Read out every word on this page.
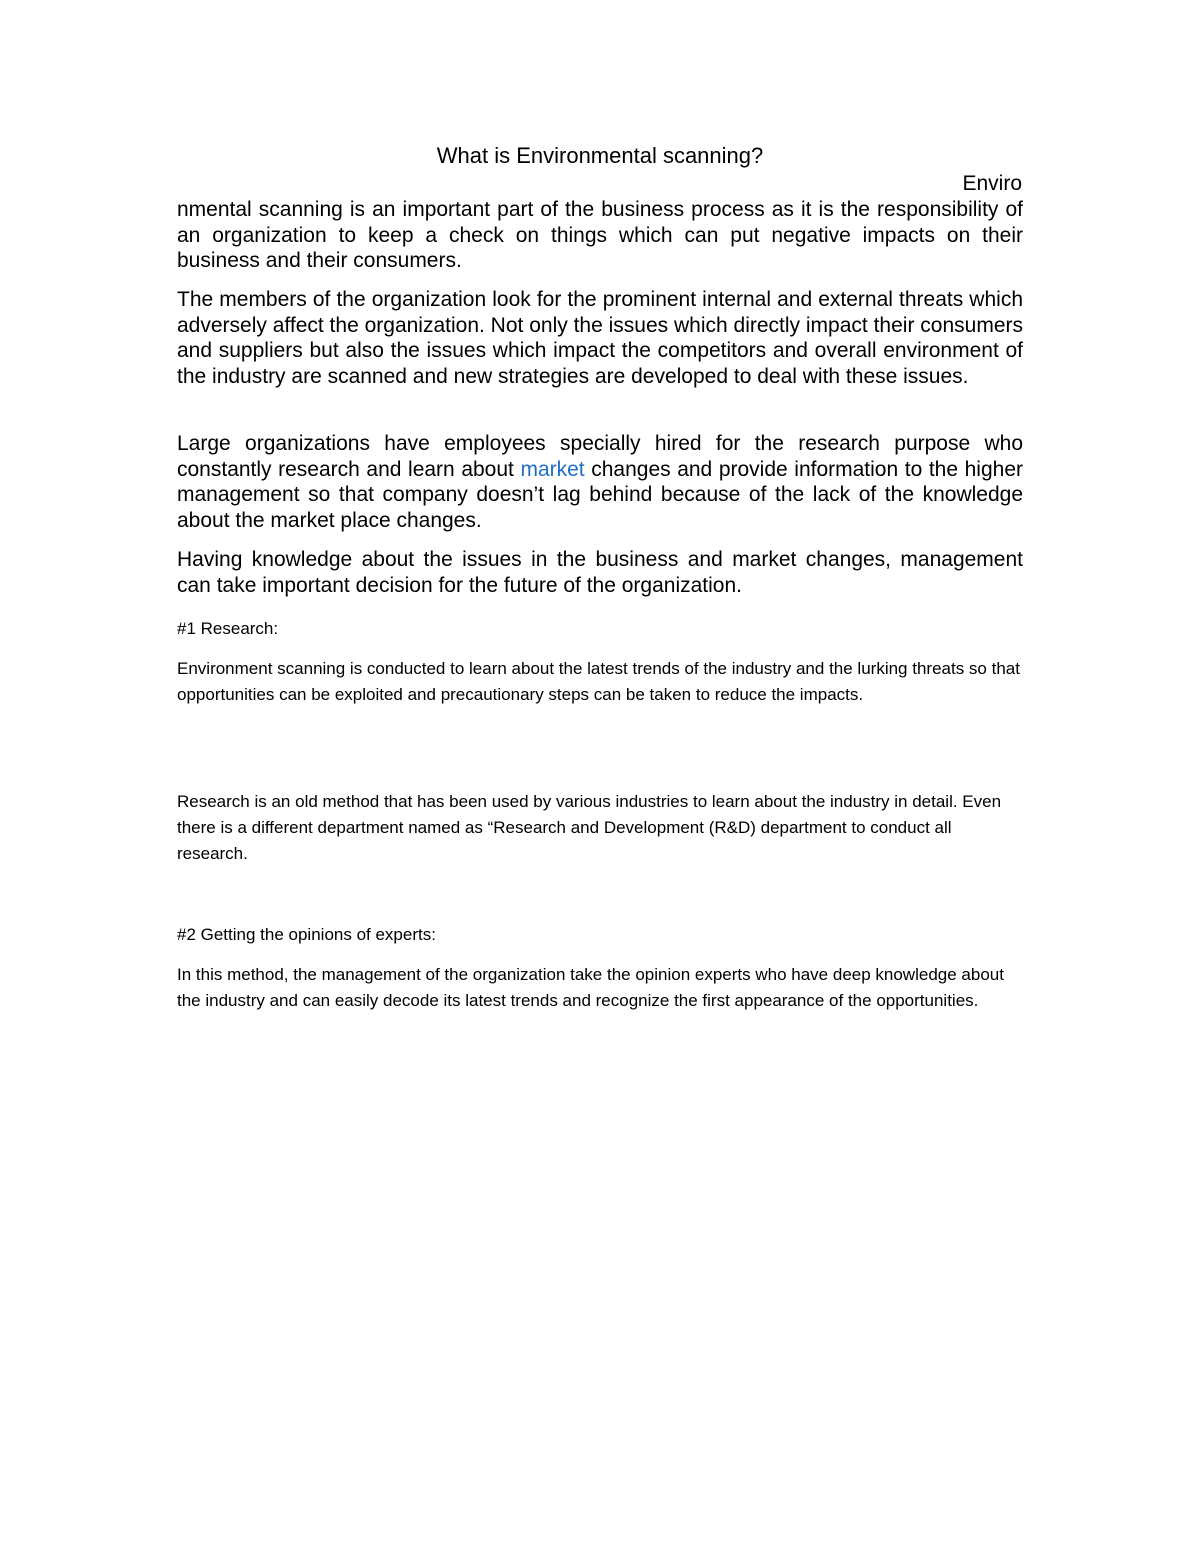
What is Environmental scanning?
Enviro

nmental scanning is an important part of the business process as it is the responsibility of an organization to keep a check on things which can put negative impacts on their business and their consumers.

The members of the organization look for the prominent internal and external threats which adversely affect the organization. Not only the issues which directly impact their consumers and suppliers but also the issues which impact the competitors and overall environment of the industry are scanned and new strategies are developed to deal with these issues.

Large organizations have employees specially hired for the research purpose who constantly research and learn about market changes and provide information to the higher management so that company doesn’t lag behind because of the lack of the knowledge about the market place changes.

Having knowledge about the issues in the business and market changes, management can take important decision for the future of the organization.

#1 Research:

Environment scanning is conducted to learn about the latest trends of the industry and the lurking threats so that opportunities can be exploited and precautionary steps can be taken to reduce the impacts.

Research is an old method that has been used by various industries to learn about the industry in detail. Even there is a different department named as “Research and Development (R&D) department to conduct all research.

#2 Getting the opinions of experts:

In this method, the management of the organization take the opinion experts who have deep knowledge about the industry and can easily decode its latest trends and recognize the first appearance of the opportunities.
